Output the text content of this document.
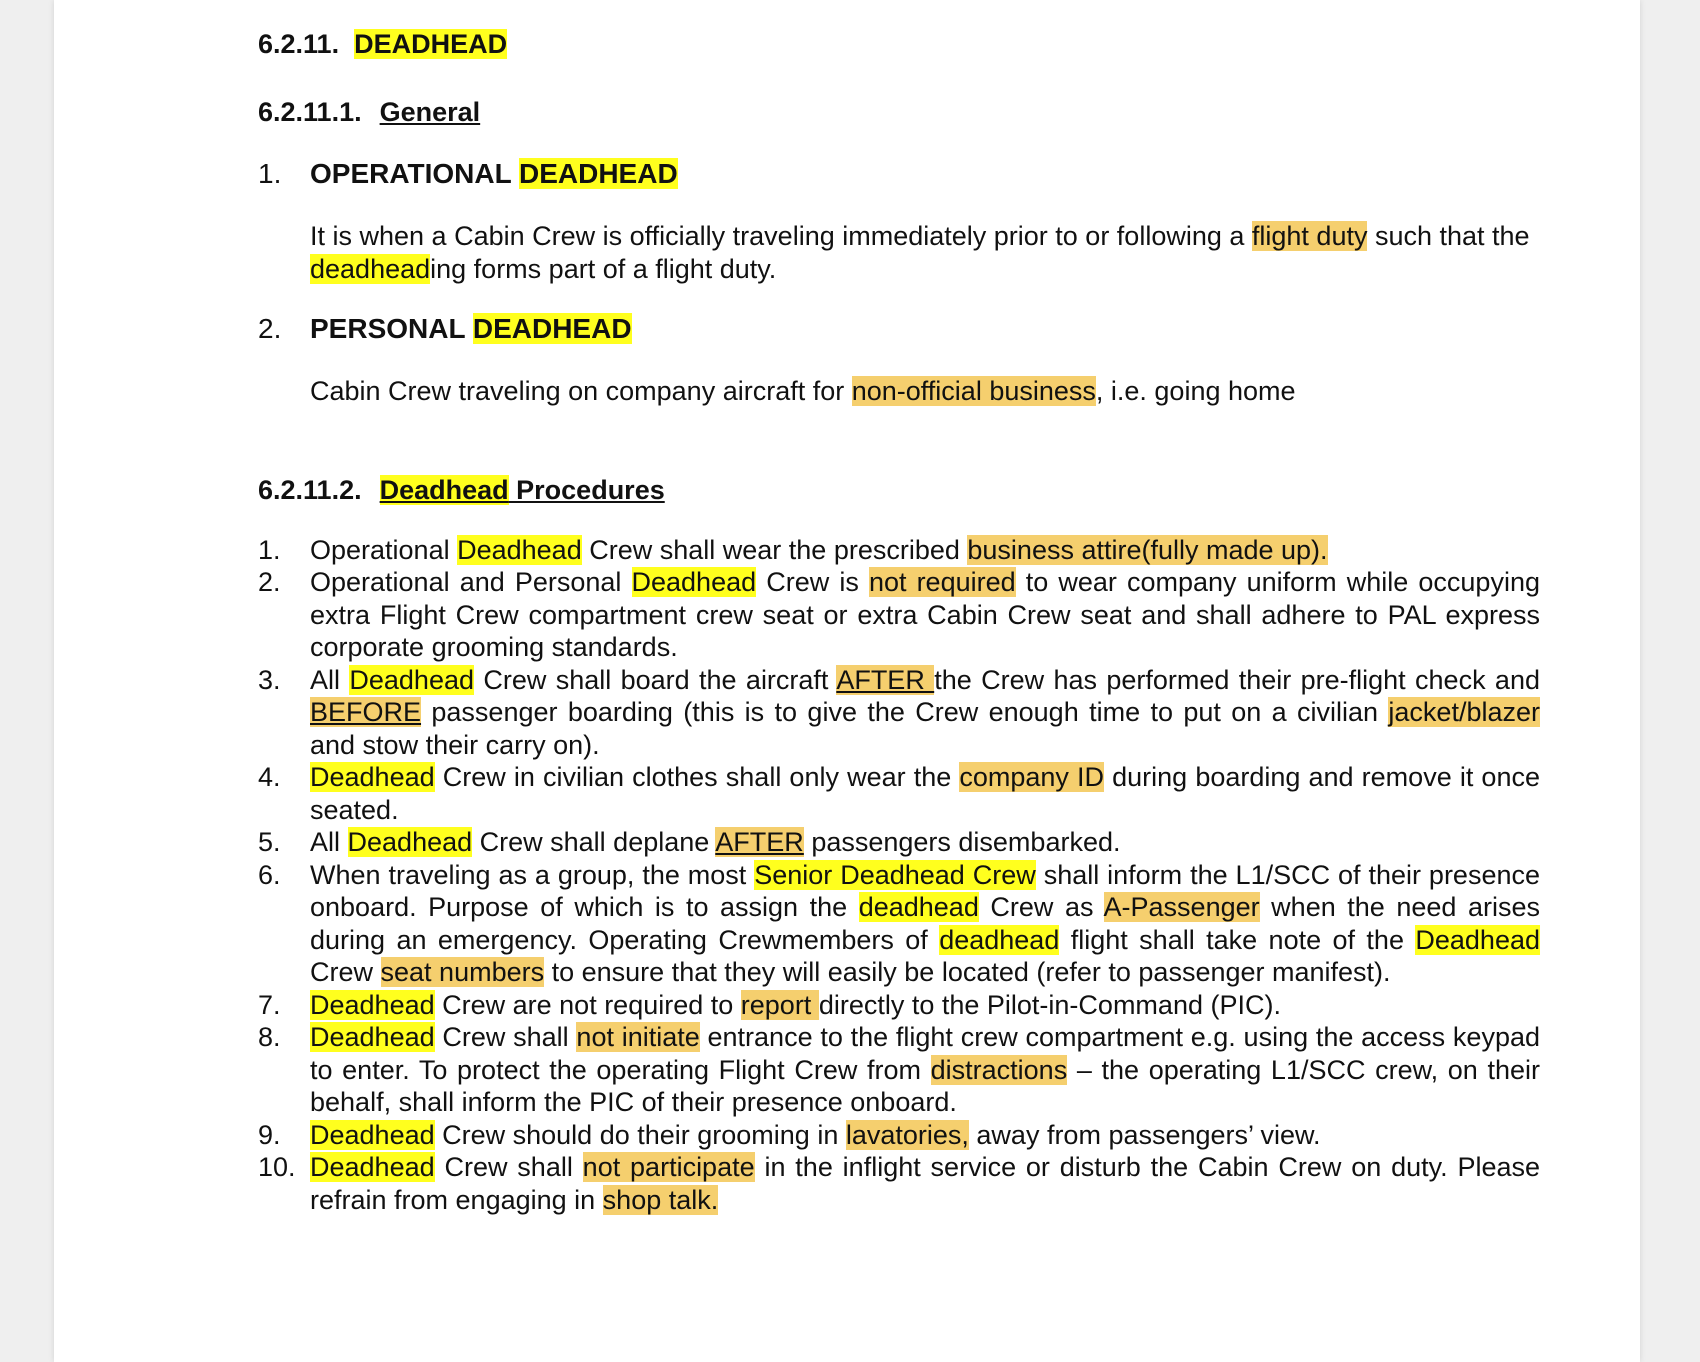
6.2.11. DEADHEAD
6.2.11.1. General
1.	OPERATIONAL DEADHEAD
It is when a Cabin Crew is officially traveling immediately prior to or following a flight duty such that the deadheading forms part of a flight duty.
2.	PERSONAL DEADHEAD
Cabin Crew traveling on company aircraft for non-official business, i.e. going home
6.2.11.2. Deadhead Procedures
1.	Operational Deadhead Crew shall wear the prescribed business attire(fully made up).
2.	Operational and Personal Deadhead Crew is not required to wear company uniform while occupying extra Flight Crew compartment crew seat or extra Cabin Crew seat and shall adhere to PAL express corporate grooming standards.
3.	All Deadhead Crew shall board the aircraft AFTER the Crew has performed their pre-flight check and BEFORE passenger boarding (this is to give the Crew enough time to put on a civilian jacket/blazer and stow their carry on).
4.	Deadhead Crew in civilian clothes shall only wear the company ID during boarding and remove it once seated.
5.	All Deadhead Crew shall deplane AFTER passengers disembarked.
6.	When traveling as a group, the most Senior Deadhead Crew shall inform the L1/SCC of their presence onboard. Purpose of which is to assign the deadhead Crew as A-Passenger when the need arises during an emergency. Operating Crewmembers of deadhead flight shall take note of the Deadhead Crew seat numbers to ensure that they will easily be located (refer to passenger manifest).
7.	Deadhead Crew are not required to report directly to the Pilot-in-Command (PIC).
8.	Deadhead Crew shall not initiate entrance to the flight crew compartment e.g. using the access keypad to enter. To protect the operating Flight Crew from distractions – the operating L1/SCC crew, on their behalf, shall inform the PIC of their presence onboard.
9.	Deadhead Crew should do their grooming in lavatories, away from passengers’ view.
10. Deadhead Crew shall not participate in the inflight service or disturb the Cabin Crew on duty. Please refrain from engaging in shop talk.
